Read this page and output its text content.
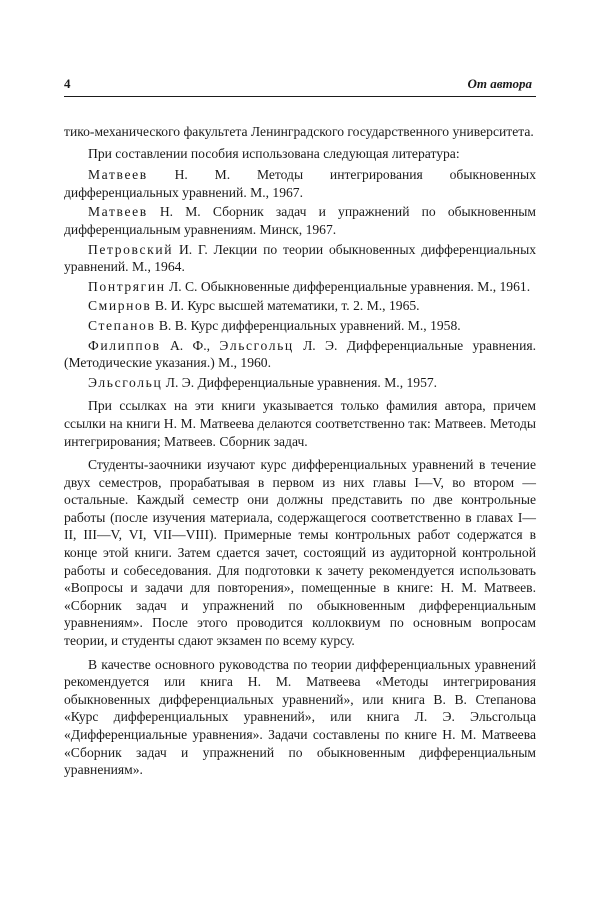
4	От автора

тико-механического факультета Ленинградского государственного университета.

При составлении пособия использована следующая литература:

Матвеев Н. М. Методы интегрирования обыкновенных дифференциальных уравнений. М., 1967.

Матвеев Н. М. Сборник задач и упражнений по обыкновенным дифференциальным уравнениям. Минск, 1967.

Петровский И. Г. Лекции по теории обыкновенных дифференциальных уравнений. М., 1964.

Понтрягин Л. С. Обыкновенные дифференциальные уравнения. М., 1961.

Смирнов В. И. Курс высшей математики, т. 2. М., 1965.

Степанов В. В. Курс дифференциальных уравнений. М., 1958.

Филиппов А. Ф., Эльсгольц Л. Э. Дифференциальные уравнения. (Методические указания.) М., 1960.

Эльсгольц Л. Э. Дифференциальные уравнения. М., 1957.

При ссылках на эти книги указывается только фамилия автора, причем ссылки на книги Н. М. Матвеева делаются соответственно так: Матвеев. Методы интегрирования; Матвеев. Сборник задач.

Студенты-заочники изучают курс дифференциальных уравнений в течение двух семестров, прорабатывая в первом из них главы I—V, во втором — остальные. Каждый семестр они должны представить по две контрольные работы (после изучения материала, содержащегося соответственно в главах I—II, III—V, VI, VII—VIII). Примерные темы контрольных работ содержатся в конце этой книги. Затем сдается зачет, состоящий из аудиторной контрольной работы и собеседования. Для подготовки к зачету рекомендуется использовать «Вопросы и задачи для повторения», помещенные в книге: Н. М. Матвеев. «Сборник задач и упражнений по обыкновенным дифференциальным уравнениям». После этого проводится коллоквиум по основным вопросам теории, и студенты сдают экзамен по всему курсу.

В качестве основного руководства по теории дифференциальных уравнений рекомендуется или книга Н. М. Матвеева «Методы интегрирования обыкновенных дифференциальных уравнений», или книга В. В. Степанова «Курс дифференциальных уравнений», или книга Л. Э. Эльсгольца «Дифференциальные уравнения». Задачи составлены по книге Н. М. Матвеева «Сборник задач и упражнений по обыкновенным дифференциальным уравнениям».
